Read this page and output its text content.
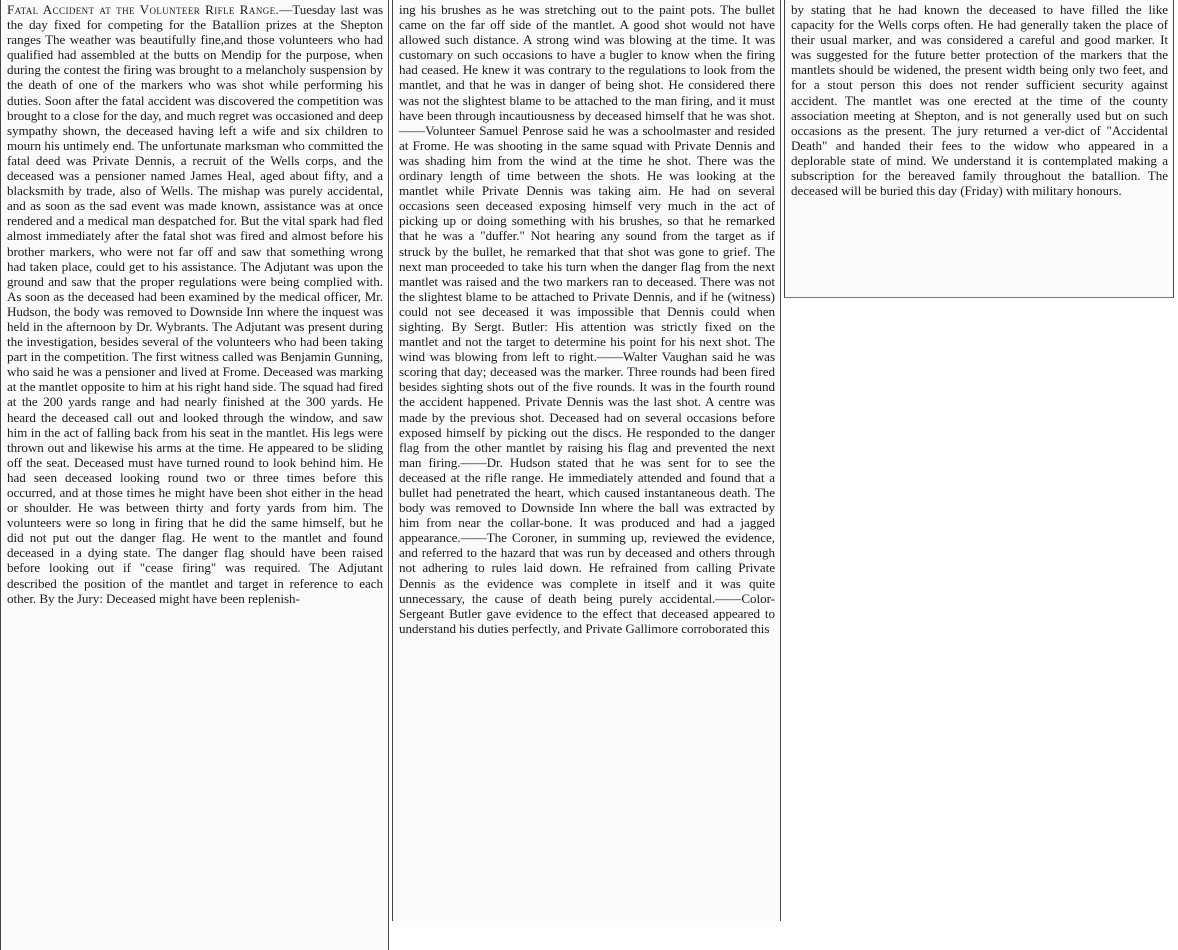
Fatal Accident at the Volunteer Rifle Range.—Tuesday last was the day fixed for competing for the Batallion prizes at the Shepton ranges The weather was beautifully fine,and those volunteers who had qualified had assembled at the butts on Mendip for the purpose, when during the contest the firing was brought to a melancholy suspension by the death of one of the markers who was shot while performing his duties. Soon after the fatal accident was discovered the competition was brought to a close for the day, and much regret was occasioned and deep sympathy shown, the deceased having left a wife and six children to mourn his untimely end. The unfortunate marksman who committed the fatal deed was Private Dennis, a recruit of the Wells corps, and the deceased was a pensioner named James Heal, aged about fifty, and a blacksmith by trade, also of Wells. The mishap was purely accidental, and as soon as the sad event was made known, assistance was at once rendered and a medical man despatched for. But the vital spark had fled almost immediately after the fatal shot was fired and almost before his brother markers, who were not far off and saw that something wrong had taken place, could get to his assistance. The Adjutant was upon the ground and saw that the proper regulations were being complied with. As soon as the deceased had been examined by the medical officer, Mr. Hudson, the body was removed to Downside Inn where the inquest was held in the afternoon by Dr. Wybrants. The Adjutant was present during the investigation, besides several of the volunteers who had been taking part in the competition. The first witness called was Benjamin Gunning, who said he was a pensioner and lived at Frome. Deceased was marking at the mantlet opposite to him at his right hand side. The squad had fired at the 200 yards range and had nearly finished at the 300 yards. He heard the deceased call out and looked through the window, and saw him in the act of falling back from his seat in the mantlet. His legs were thrown out and likewise his arms at the time. He appeared to be sliding off the seat. Deceased must have turned round to look behind him. He had seen deceased looking round two or three times before this occurred, and at those times he might have been shot either in the head or shoulder. He was between thirty and forty yards from him. The volunteers were so long in firing that he did the same himself, but he did not put out the danger flag. He went to the mantlet and found deceased in a dying state. The danger flag should have been raised before looking out if "cease firing" was required. The Adjutant described the position of the mantlet and target in reference to each other. By the Jury: Deceased might have been replenish-

ing his brushes as he was stretching out to the paint pots. The bullet came on the far off side of the mantlet. A good shot would not have allowed such distance. A strong wind was blowing at the time. It was customary on such occasions to have a bugler to know when the firing had ceased. He knew it was contrary to the regulations to look from the mantlet, and that he was in danger of being shot. He considered there was not the slightest blame to be attached to the man firing, and it must have been through incautiousness by deceased himself that he was shot.——Volunteer Samuel Penrose said he was a schoolmaster and resided at Frome. He was shooting in the same squad with Private Dennis and was shading him from the wind at the time he shot. There was the ordinary length of time between the shots. He was looking at the mantlet while Private Dennis was taking aim. He had on several occasions seen deceased exposing himself very much in the act of picking up or doing something with his brushes, so that he remarked that he was a "duffer." Not hearing any sound from the target as if struck by the bullet, he remarked that that shot was gone to grief. The next man proceeded to take his turn when the danger flag from the next mantlet was raised and the two markers ran to deceased. There was not the slightest blame to be attached to Private Dennis, and if he (witness) could not see deceased it was impossible that Dennis could when sighting. By Sergt. Butler: His attention was strictly fixed on the mantlet and not the target to determine his point for his next shot. The wind was blowing from left to right.——Walter Vaughan said he was scoring that day; deceased was the marker. Three rounds had been fired besides sighting shots out of the five rounds. It was in the fourth round the accident happened. Private Dennis was the last shot. A centre was made by the previous shot. Deceased had on several occasions before exposed himself by picking out the discs. He responded to the danger flag from the other mantlet by raising his flag and prevented the next man firing.——Dr. Hudson stated that he was sent for to see the deceased at the rifle range. He immediately attended and found that a bullet had penetrated the heart, which caused instantaneous death. The body was removed to Downside Inn where the ball was extracted by him from near the collar-bone. It was produced and had a jagged appearance.——The Coroner, in summing up, reviewed the evidence, and referred to the hazard that was run by deceased and others through not adhering to rules laid down. He refrained from calling Private Dennis as the evidence was complete in itself and it was quite unnecessary, the cause of death being purely accidental.——Color-Sergeant Butler gave evidence to the effect that deceased appeared to understand his duties perfectly, and Private Gallimore corroborated this

by stating that he had known the deceased to have filled the like capacity for the Wells corps often. He had generally taken the place of their usual marker, and was considered a careful and good marker. It was suggested for the future better protection of the markers that the mantlets should be widened, the present width being only two feet, and for a stout person this does not render sufficient security against accident. The mantlet was one erected at the time of the county association meeting at Shepton, and is not generally used but on such occasions as the present. The jury returned a ver-dict of "Accidental Death" and handed their fees to the widow who appeared in a deplorable state of mind. We understand it is contemplated making a subscription for the bereaved family throughout the batallion. The deceased will be buried this day (Friday) with military honours.
